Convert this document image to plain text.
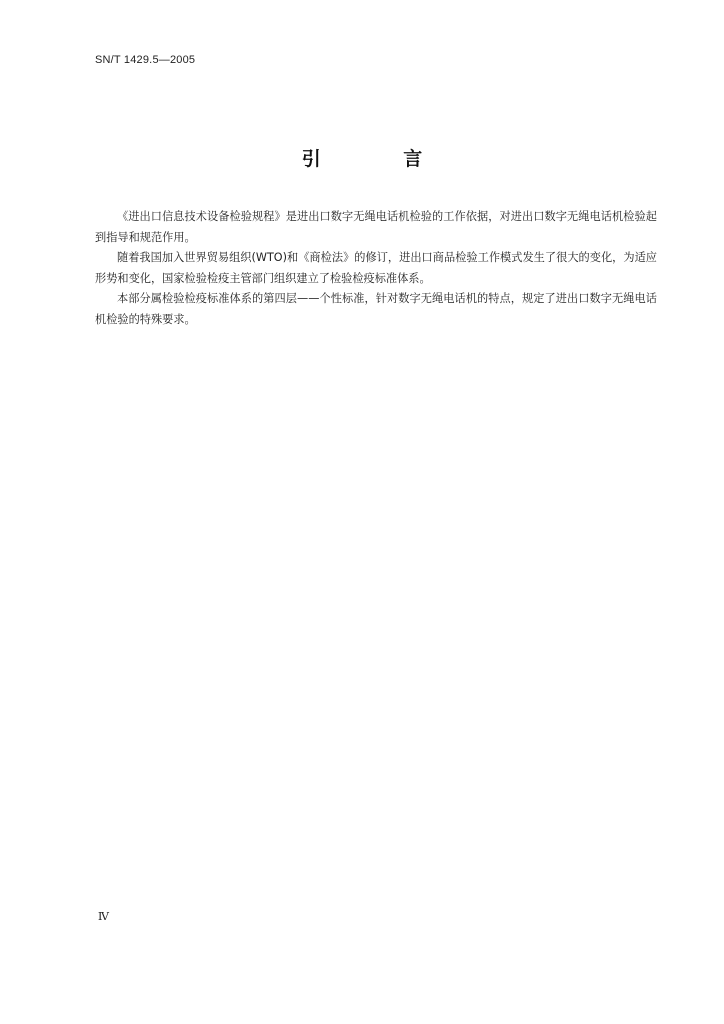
SN/T 1429.5—2005
引 言

《进出口信息技术设备检验规程》是进出口数字无绳电话机检验的工作依据，对进出口数字无绳电话机检验起到指导和规范作用。

随着我国加入世界贸易组织(WTO)和《商检法》的修订，进出口商品检验工作模式发生了很大的变化，为适应形势和变化，国家检验检疫主管部门组织建立了检验检疫标准体系。

本部分属检验检疫标准体系的第四层——个性标准，针对数字无绳电话机的特点，规定了进出口数字无绳电话机检验的特殊要求。

Ⅳ
